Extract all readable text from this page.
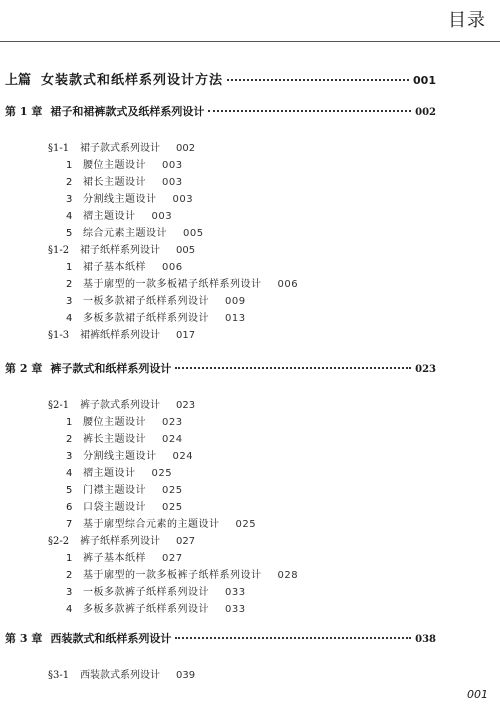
目录
上篇 女装款式和纸样系列设计方法	001
第 1 章 裙子和裙裤款式及纸样系列设计	002
§1-1 裙子款式系列设计 002
1 腰位主题设计 003
2 裙长主题设计 003
3 分割线主题设计 003
4 褶主题设计 003
5 综合元素主题设计 005
§1-2 裙子纸样系列设计 005
1 裙子基本纸样 006
2 基于廓型的一款多板裙子纸样系列设计 006
3 一板多款裙子纸样系列设计 009
4 多板多款裙子纸样系列设计 013
§1-3 裙裤纸样系列设计 017
第 2 章 裤子款式和纸样系列设计	023
§2-1 裤子款式系列设计 023
1 腰位主题设计 023
2 裤长主题设计 024
3 分割线主题设计 024
4 褶主题设计 025
5 门襟主题设计 025
6 口袋主题设计 025
7 基于廓型综合元素的主题设计 025
§2-2 裤子纸样系列设计 027
1 裤子基本纸样 027
2 基于廓型的一款多板裤子纸样系列设计 028
3 一板多款裤子纸样系列设计 033
4 多板多款裤子纸样系列设计 033
第 3 章 西装款式和纸样系列设计	038
§3-1 西装款式系列设计 039
001
